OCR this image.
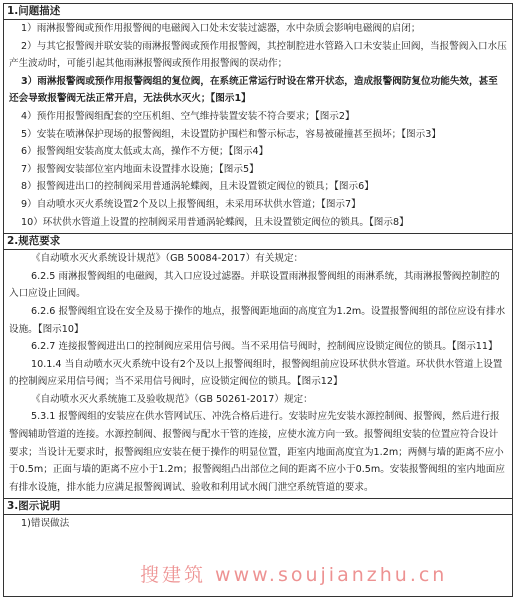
1.问题描述

1）雨淋报警阀或预作用报警阀的电磁阀入口处未安装过滤器，水中杂质会影响电磁阀的启闭；

2）与其它报警阀并联安装的雨淋报警阀或预作用报警阀，其控制腔进水管路入口未安装止回阀，当报警阀入口水压产生波动时，可能引起其他雨淋报警阀或预作用报警阀的误动作；

3）雨淋报警阀或预作用报警阀组的复位阀，在系统正常运行时设在常开状态，造成报警阀防复位功能失效，甚至还会导致报警阀无法正常开启，无法供水灭火；【图示1】

4）预作用报警阀组配套的空压机组、空气维持装置安装不符合要求；【图示2】

5）安装在喷淋保护现场的报警阀组，未设置防护围栏和警示标志，容易被碰撞甚至损坏；【图示3】

6）报警阀组安装高度太低或太高，操作不方便；【图示4】

7）报警阀安装部位室内地面未设置排水设施；【图示5】

8）报警阀进出口的控制阀采用普通涡轮蝶阀，且未设置锁定阀位的锁具；【图示6】

9）自动喷水灭火系统设置2个及以上报警阀组，未采用环状供水管道；【图示7】

10）环状供水管道上设置的控制阀采用普通涡轮蝶阀，且未设置锁定阀位的锁具。【图示8】

2.规范要求

《自动喷水灭火系统设计规范》（GB 50084-2017）有关规定：

6.2.5 雨淋报警阀组的电磁阀，其入口应设过滤器。并联设置雨淋报警阀组的雨淋系统，其雨淋报警阀控制腔的入口应设止回阀。

6.2.6 报警阀组宜设在安全及易于操作的地点，报警阀距地面的高度宜为1.2m。设置报警阀组的部位应设有排水设施。【图示10】

6.2.7 连接报警阀进出口的控制阀应采用信号阀。当不采用信号阀时，控制阀应设锁定阀位的锁具。【图示11】

10.1.4 当自动喷水灭火系统中设有2个及以上报警阀组时，报警阀组前应设环状供水管道。环状供水管道上设置的控制阀应采用信号阀；当不采用信号阀时，应设锁定阀位的锁具。【图示12】

《自动喷水灭火系统施工及验收规范》（GB 50261-2017）规定：

5.3.1 报警阀组的安装应在供水管网试压、冲洗合格后进行。安装时应先安装水源控制阀、报警阀，然后进行报警阀辅助管道的连接。水源控制阀、报警阀与配水干管的连接，应使水流方向一致。报警阀组安装的位置应符合设计要求；当设计无要求时，报警阀组应安装在便于操作的明显位置，距室内地面高度宜为1.2m；两侧与墙的距离不应小于0.5m；正面与墙的距离不应小于1.2m；报警阀组凸出部位之间的距离不应小于0.5m。安装报警阀组的室内地面应有排水设施，排水能力应满足报警阀调试、验收和利用试水阀门泄空系统管道的要求。

3.图示说明

1)错误做法

搜建筑 www.soujianzhu.cn
